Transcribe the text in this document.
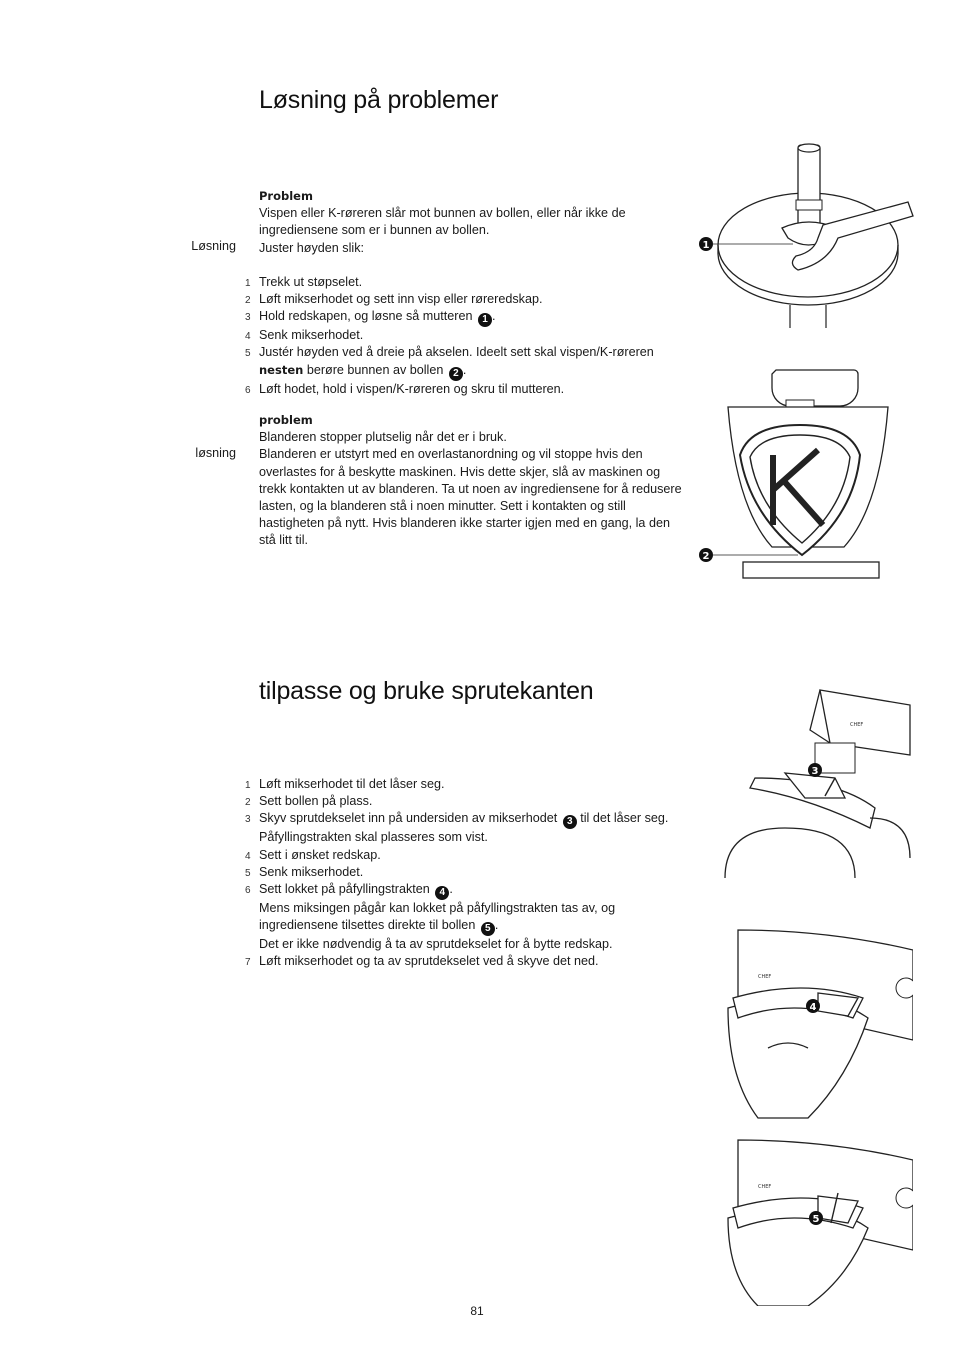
Løsning på problemer
Problem
Vispen eller K-røreren slår mot bunnen av bollen, eller når ikke de ingrediensene som er i bunnen av bollen.
Juster høyden slik:
1 Trekk ut støpselet.
2 Løft mikserhodet og sett inn visp eller røreredskap.
3 Hold redskapen, og løsne så mutteren 1 .
4 Senk mikserhodet.
5 Justér høyden ved å dreie på akselen. Ideelt sett skal vispen/K-røreren nesten berøre bunnen av bollen 2 .
6 Løft hodet, hold i vispen/K-røreren og skru til mutteren.
Løsning
problem
Blanderen stopper plutselig når det er i bruk.
Blanderen er utstyrt med en overlastanordning og vil stoppe hvis den overlastes for å beskytte maskinen. Hvis dette skjer, slå av maskinen og trekk kontakten ut av blanderen. Ta ut noen av ingrediensene for å redusere lasten, og la blanderen stå i noen minutter. Sett i kontakten og still hastigheten på nytt. Hvis blanderen ikke starter igjen med en gang, la den stå litt til.
løsning
1
2
tilpasse og bruke sprutekanten
1 Løft mikserhodet til det låser seg.
2 Sett bollen på plass.
3 Skyv sprutdekselet inn på undersiden av mikserhodet 3 til det låser seg. Påfyllingstrakten skal plasseres som vist.
4 Sett i ønsket redskap.
5 Senk mikserhodet.
6 Sett lokket på påfyllingstrakten 4 .
Mens miksingen pågår kan lokket på påfyllingstrakten tas av, og ingrediensene tilsettes direkte til bollen 5 .
Det er ikke nødvendig å ta av sprutdekselet for å bytte redskap.
7 Løft mikserhodet og ta av sprutdekselet ved å skyve det ned.
CHEF
3
CHEF
4
CHEF
5
81
